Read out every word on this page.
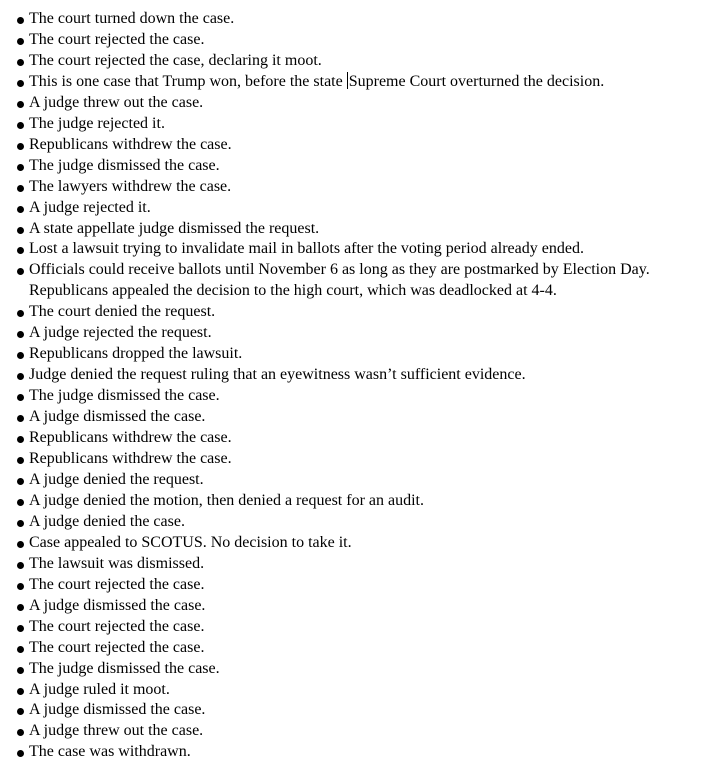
The court turned down the case.
The court rejected the case.
The court rejected the case, declaring it moot.
This is one case that Trump won, before the state Supreme Court overturned the decision.
A judge threw out the case.
The judge rejected it.
Republicans withdrew the case.
The judge dismissed the case.
The lawyers withdrew the case.
A judge rejected it.
A state appellate judge dismissed the request.
Lost a lawsuit trying to invalidate mail in ballots after the voting period already ended.
Officials could receive ballots until November 6 as long as they are postmarked by Election Day. Republicans appealed the decision to the high court, which was deadlocked at 4-4.
The court denied the request.
A judge rejected the request.
Republicans dropped the lawsuit.
Judge denied the request ruling that an eyewitness wasn’t sufficient evidence.
The judge dismissed the case.
A judge dismissed the case.
Republicans withdrew the case.
Republicans withdrew the case.
A judge denied the request.
A judge denied the motion, then denied a request for an audit.
A judge denied the case.
Case appealed to SCOTUS. No decision to take it.
The lawsuit was dismissed.
The court rejected the case.
A judge dismissed the case.
The court rejected the case.
The court rejected the case.
The judge dismissed the case.
A judge ruled it moot.
A judge dismissed the case.
A judge threw out the case.
The case was withdrawn.
